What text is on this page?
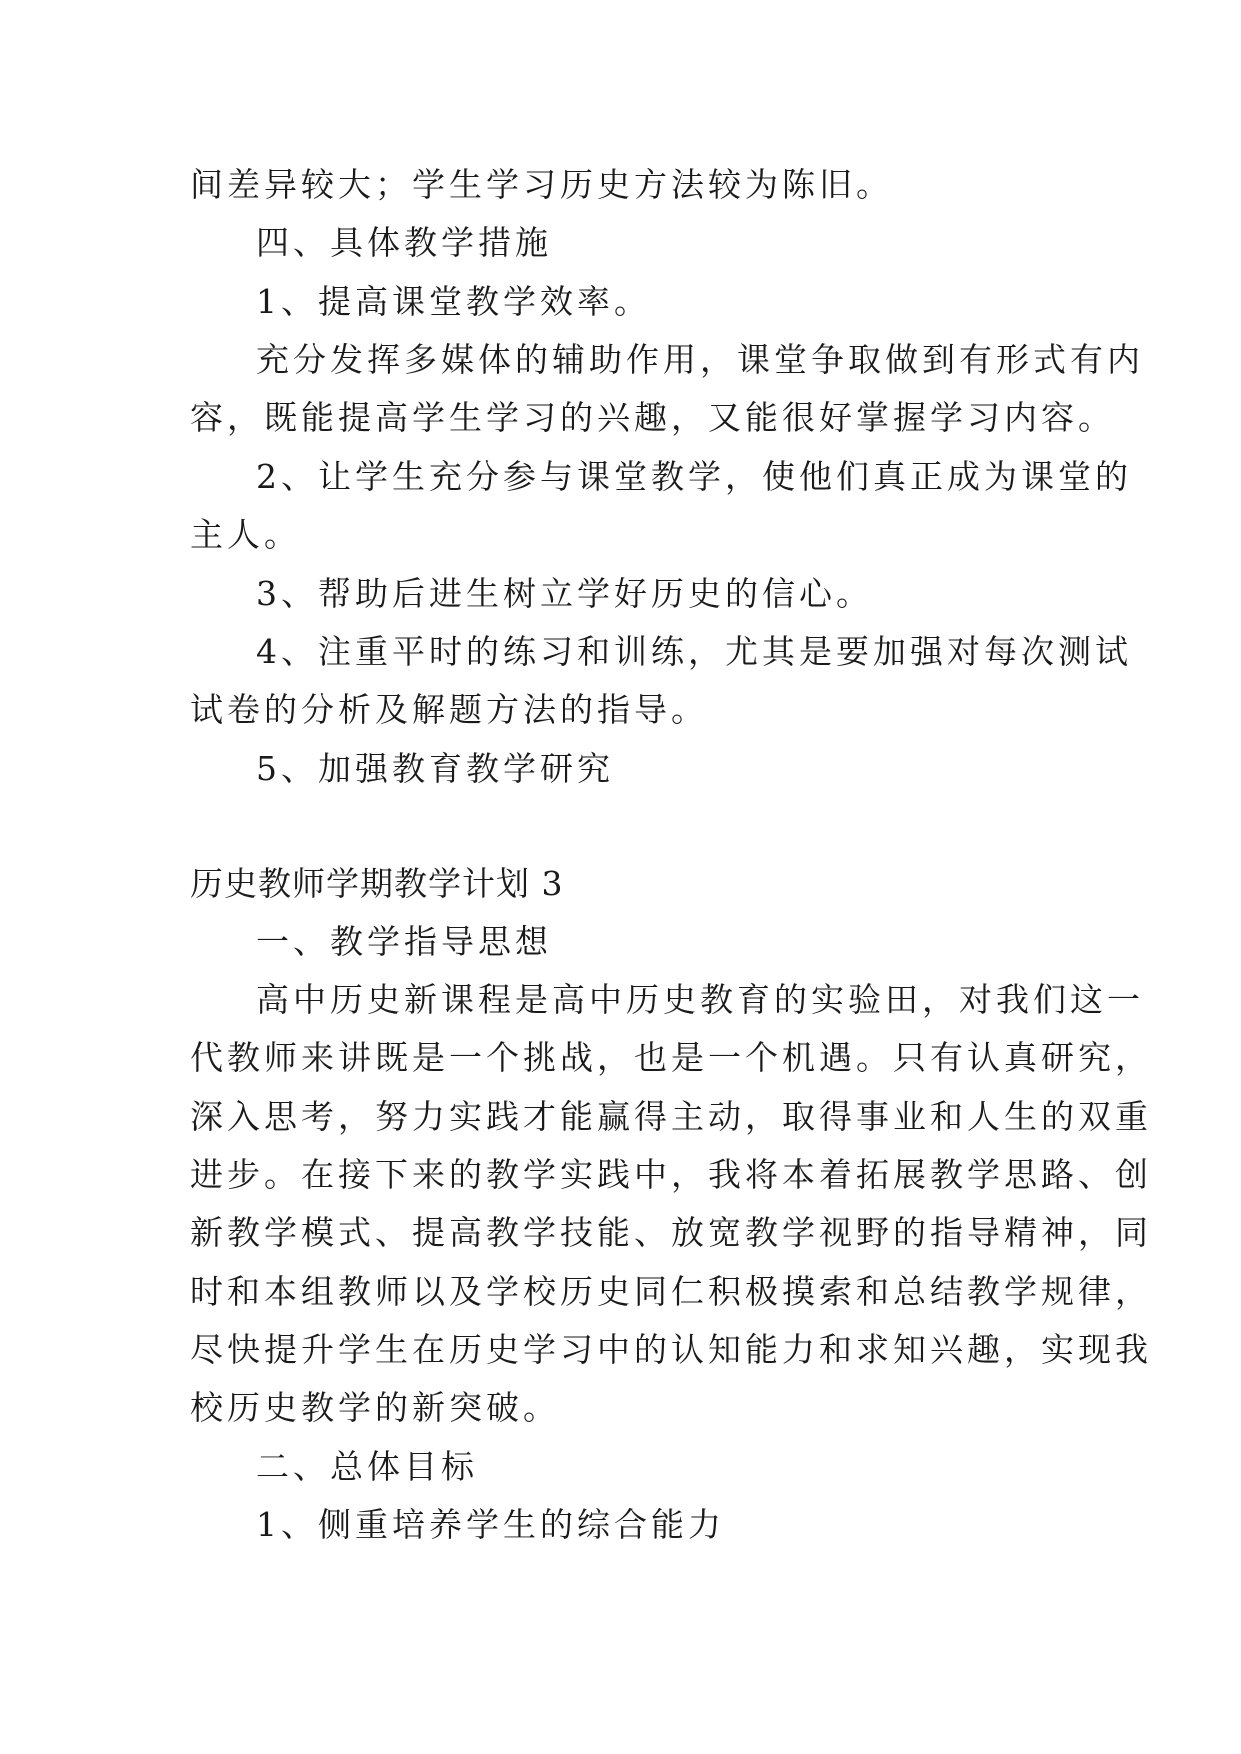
间差异较大；学生学习历史方法较为陈旧。
四、具体教学措施
1、提高课堂教学效率。
充分发挥多媒体的辅助作用，课堂争取做到有形式有内
容，既能提高学生学习的兴趣，又能很好掌握学习内容。
2、让学生充分参与课堂教学，使他们真正成为课堂的
主人。
3、帮助后进生树立学好历史的信心。
4、注重平时的练习和训练，尤其是要加强对每次测试
试卷的分析及解题方法的指导。
5、加强教育教学研究
历史教师学期教学计划 3
一、教学指导思想
高中历史新课程是高中历史教育的实验田，对我们这一
代教师来讲既是一个挑战，也是一个机遇。只有认真研究，
深入思考，努力实践才能赢得主动，取得事业和人生的双重
进步。在接下来的教学实践中，我将本着拓展教学思路、创
新教学模式、提高教学技能、放宽教学视野的指导精神，同
时和本组教师以及学校历史同仁积极摸索和总结教学规律，
尽快提升学生在历史学习中的认知能力和求知兴趣，实现我
校历史教学的新突破。
二、总体目标
1、侧重培养学生的综合能力
